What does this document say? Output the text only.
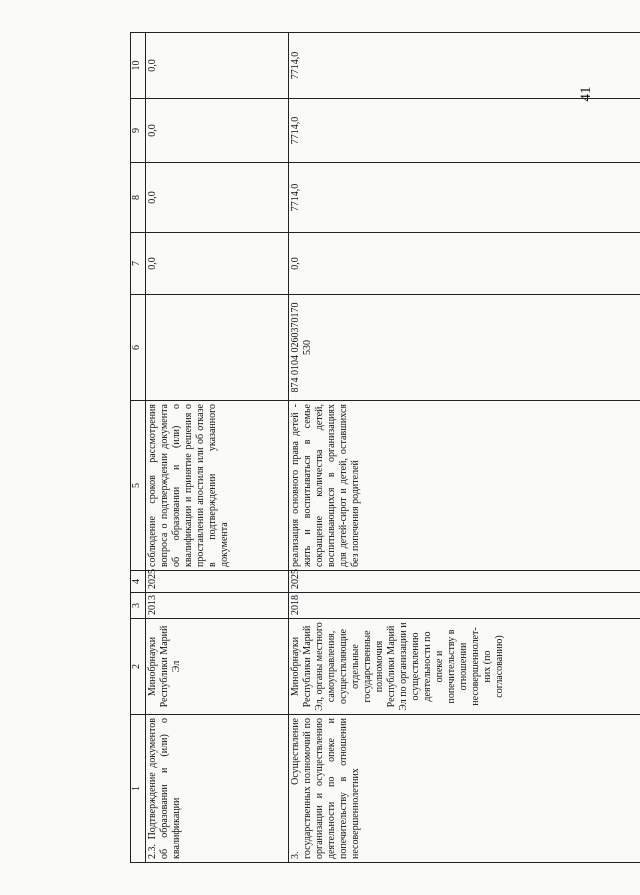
41
1	2	3	4	5	6	7	8	9	10
2.3. Подтверждение документов об образовании и (или) о квалификации	Минобрнауки Республики Марий Эл	2013	2025	соблюдение сроков рассмотрения вопроса о подтверждении документа об образовании и (или) о квалификации и принятие решения о проставлении апостиля или об отказе в подтверждении указанного документа		0,0	0,0	0,0	0,0
3. Осуществление государственных полномочий по организации и осуществлению деятельности по опеке и попечительству в отношении несовершеннолетних	Минобрнауки Республики Марий Эл, органы местного самоуправления, осуществляющие отдельные государственные полномочия Республики Марий Эл по организации и осуществлению деятельности по опеке и попечительству в отношении несовершеннолет-них (по согласованию)	2018	2025	реализация основного права детей - жить и воспитываться в семье сокращение количества детей, воспитывающихся в организациях для детей-сирот и детей, оставшихся без попечения родителей	874 0104 0260370170 530	0,0	7714,0	7714,0	7714,0
